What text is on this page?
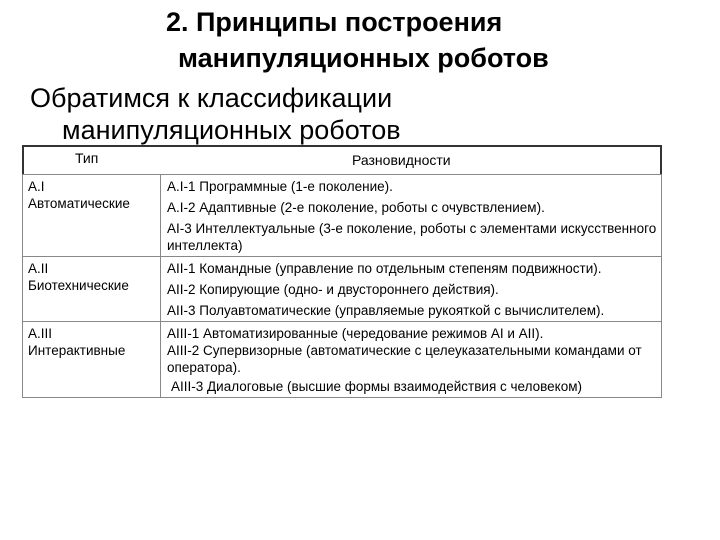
2. Принципы построения
манипуляционных роботов
Обратимся к классификации
манипуляционных роботов
Тип	Разновидности
A.I
Автоматические	A.I-1 Программные (1-е поколение).
A.I-2 Адаптивные (2-е поколение, роботы с очувствлением).
AI-3 Интеллектуальные (3-е поколение, роботы с элементами искусственного интеллекта)

A.II
Биотехнические	AII-1 Командные (управление по отдельным степеням подвижности).
AII-2 Копирующие (одно- и двустороннего действия).
AII-3 Полуавтоматические (управляемые рукояткой с вычислителем).

A.III
Интерактивные	AIII-1 Автоматизированные (чередование режимов AI и AII).
AIII-2 Супервизорные (автоматические с целеуказательными командами от оператора).
AIII-3 Диалоговые (высшие формы взаимодействия с человеком)
